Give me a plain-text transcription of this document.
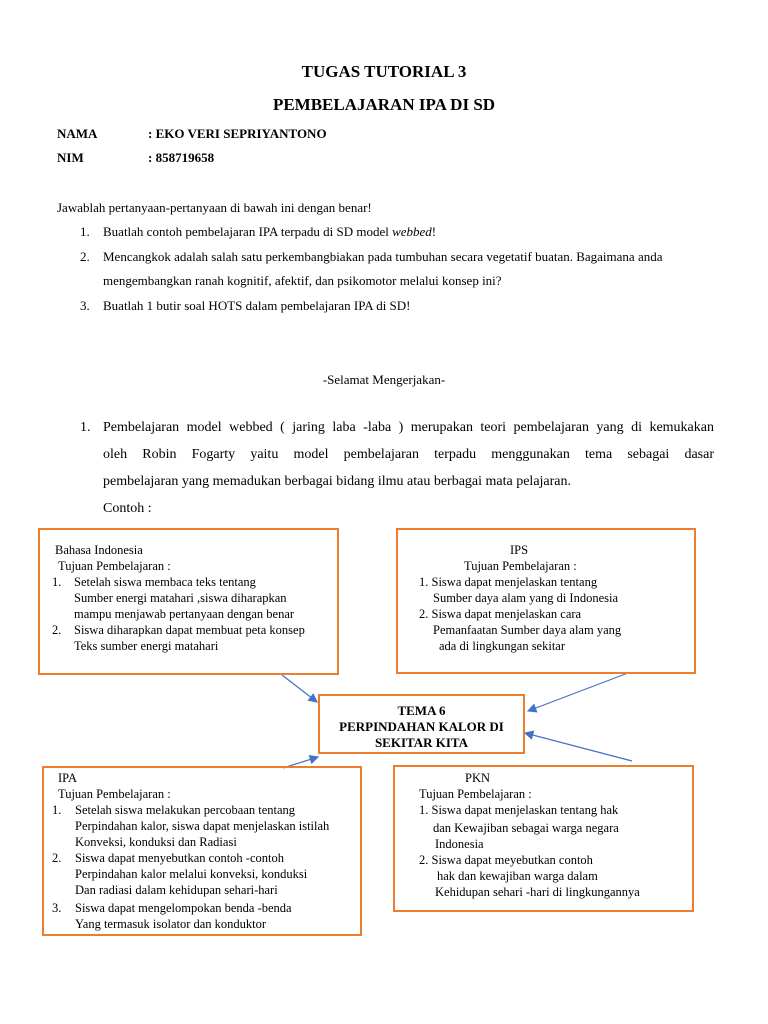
TUGAS TUTORIAL 3
PEMBELAJARAN IPA DI SD
NAMA	: EKO VERI SEPRIYANTONO
NIM	: 858719658
Jawablah pertanyaan-pertanyaan di bawah ini dengan benar!
1. Buatlah contoh pembelajaran IPA terpadu di SD model webbed!
2. Mencangkok adalah salah satu perkembangbiakan pada tumbuhan secara vegetatif buatan. Bagaimana anda
mengembangkan ranah kognitif, afektif, dan psikomotor melalui konsep ini?
3. Buatlah 1 butir soal HOTS dalam pembelajaran IPA di SD!
-Selamat Mengerjakan-
1. Pembelajaran model webbed ( jaring laba -laba ) merupakan teori pembelajaran yang di kemukakan
oleh Robin Fogarty yaitu model pembelajaran terpadu menggunakan tema sebagai dasar
pembelajaran yang memadukan berbagai bidang ilmu atau berbagai mata pelajaran.
Contoh :
Bahasa Indonesia
Tujuan Pembelajaran :
1. Setelah siswa membaca teks tentang
Sumber energi matahari ,siswa diharapkan
mampu menjawab pertanyaan dengan benar
2. Siswa diharapkan dapat membuat peta konsep
Teks sumber energi matahari
IPS
Tujuan Pembelajaran :
1. Siswa dapat menjelaskan tentang
Sumber daya alam yang di Indonesia
2. Siswa dapat menjelaskan cara
Pemanfaatan Sumber daya alam yang
ada di lingkungan sekitar
TEMA 6
PERPINDAHAN KALOR DI
SEKITAR KITA
IPA
Tujuan Pembelajaran :
1. Setelah siswa melakukan percobaan tentang
Perpindahan kalor, siswa dapat menjelaskan istilah
Konveksi, konduksi dan Radiasi
2. Siswa dapat menyebutkan contoh -contoh
Perpindahan kalor melalui konveksi, konduksi
Dan radiasi dalam kehidupan sehari-hari
3. Siswa dapat mengelompokan benda -benda
Yang termasuk isolator dan konduktor
PKN
Tujuan Pembelajaran :
1. Siswa dapat menjelaskan tentang hak
dan Kewajiban sebagai warga negara
Indonesia
2. Siswa dapat meyebutkan contoh
hak dan kewajiban warga dalam
Kehidupan sehari -hari di lingkungannya
